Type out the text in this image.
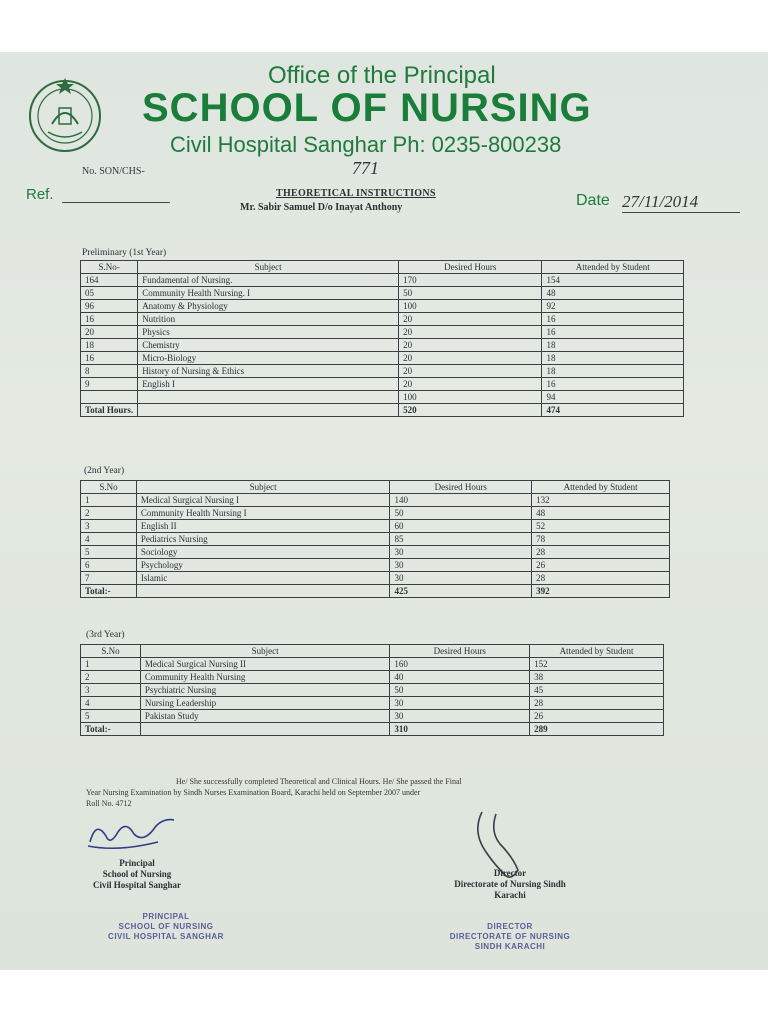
Office of the Principal
SCHOOL OF NURSING
Civil Hospital Sanghar Ph: 0235-800238
No. SON/CHS-	771
Ref.	Date 27/11/2014
THEORETICAL INSTRUCTIONS
Mr. Sabir Samuel D/o Inayat Anthony
Preliminary (1st Year)
S.No-	Subject	Desired Hours	Attended by Student
164	Fundamental of Nursing.	170	154
05	Community Health Nursing. I	50	48
96	Anatomy & Physiology	100	92
16	Nutrition	20	16
20	Physics	20	16
18	Chemistry	20	18
16	Micro-Biology	20	18
8	History of Nursing & Ethics	20	18
9	English I	20	16
		100	94
Total Hours.		520	474
(2nd Year)
S.No	Subject	Desired Hours	Attended by Student
1	Medical Surgical Nursing I	140	132
2	Community Health Nursing I	50	48
3	English II	60	52
4	Pediatrics Nursing	85	78
5	Sociology	30	28
6	Psychology	30	26
7	Islamic	30	28
Total:-		425	392
(3rd Year)
S.No	Subject	Desired Hours	Attended by Student
1	Medical Surgical Nursing II	160	152
2	Community Health Nursing	40	38
3	Psychiatric Nursing	50	45
4	Nursing Leadership	30	28
5	Pakistan Study	30	26
Total:-		310	289
He/ She successfully completed Theoretical and Clinical Hours. He/ She passed the Final
Year Nursing Examination by Sindh Nurses Examination Board, Karachi held on September 2007 under
Roll No. 4712
Principal
School of Nursing
Civil Hospital Sanghar
PRINCIPAL
SCHOOL OF NURSING
CIVIL HOSPITAL SANGHAR
Director
Directorate of Nursing Sindh
Karachi
DIRECTOR
DIRECTORATE OF NURSING
SINDH KARACHI
